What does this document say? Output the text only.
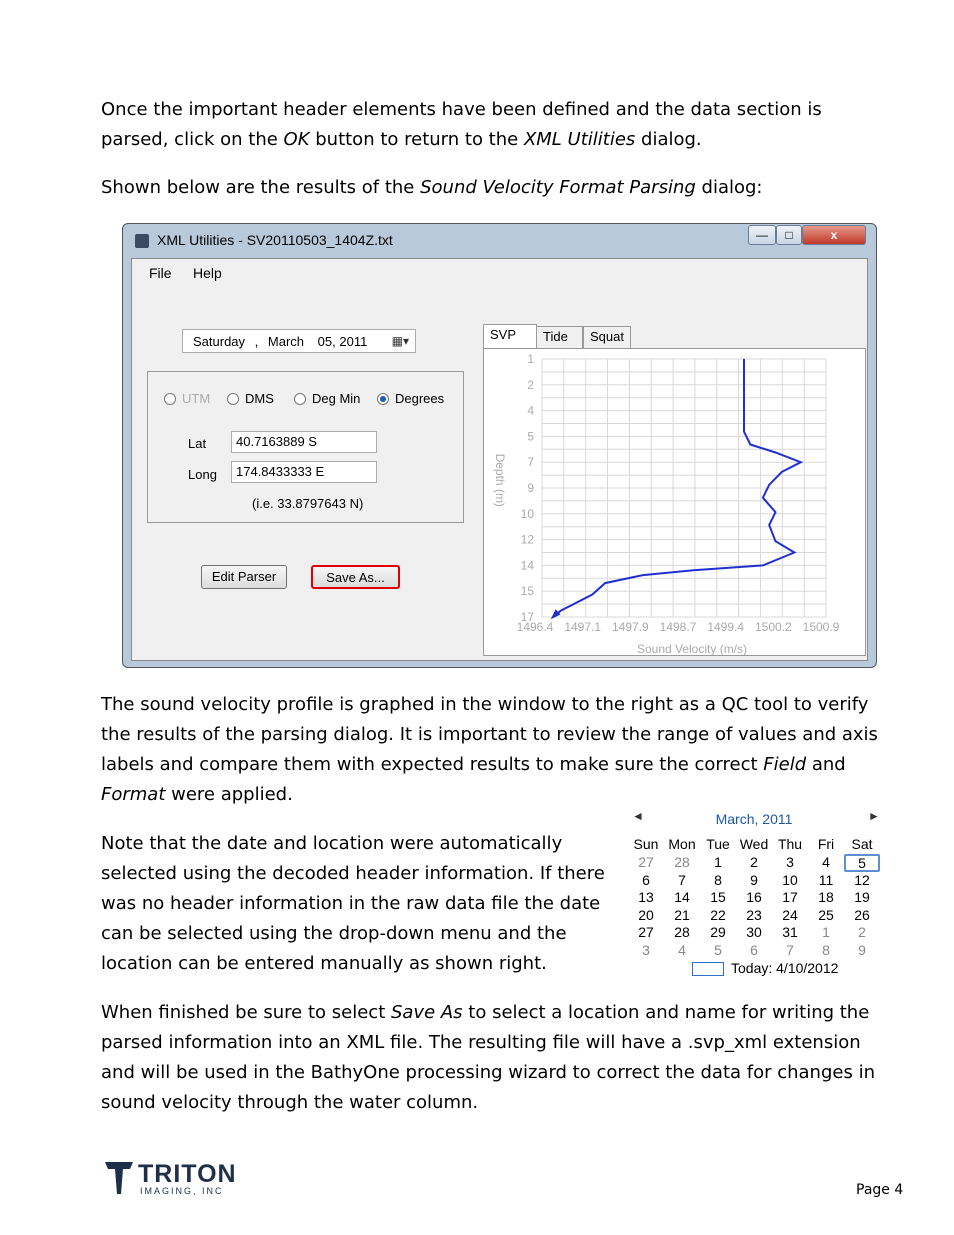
Once the important header elements have been defined and the data section is parsed, click on the OK button to return to the XML Utilities dialog.

Shown below are the results of the Sound Velocity Format Parsing dialog:

XML Utilities - SV20110503_1404Z.txt	—	□	x
File Help
Saturday , March 05, 2011 ▦▾
UTM	DMS	Deg Min	Degrees
Lat	40.7163889 S
Long	174.8433333 E
(i.e. 33.8797643 N)
Edit Parser	Save As...
SVP	Tide	Squat
1
2
4
5
7
9
10
12
14
15
17
1496.4 1497.1 1497.9 1498.7 1499.4 1500.2 1500.9
Sound Velocity (m/s)
Depth (m)

The sound velocity profile is graphed in the window to the right as a QC tool to verify the results of the parsing dialog. It is important to review the range of values and axis labels and compare them with expected results to make sure the correct Field and Format were applied.

Note that the date and location were automatically selected using the decoded header information. If there was no header information in the raw data file the date can be selected using the drop-down menu and the location can be entered manually as shown right.

◄	March, 2011	►
Sun Mon Tue Wed Thu	Fri	Sat
27	28	1	2	3	4	5
6	7	8	9	10	11	12
13	14	15	16	17	18	19
20	21	22	23	24	25	26
27	28	29	30	31	1	2
3	4	5	6	7	8	9
Today: 4/10/2012

When finished be sure to select Save As to select a location and name for writing the parsed information into an XML file. The resulting file will have a .svp_xml extension and will be used in the BathyOne processing wizard to correct the data for changes in sound velocity through the water column.

TRITON
IMAGING, INC	Page 4
